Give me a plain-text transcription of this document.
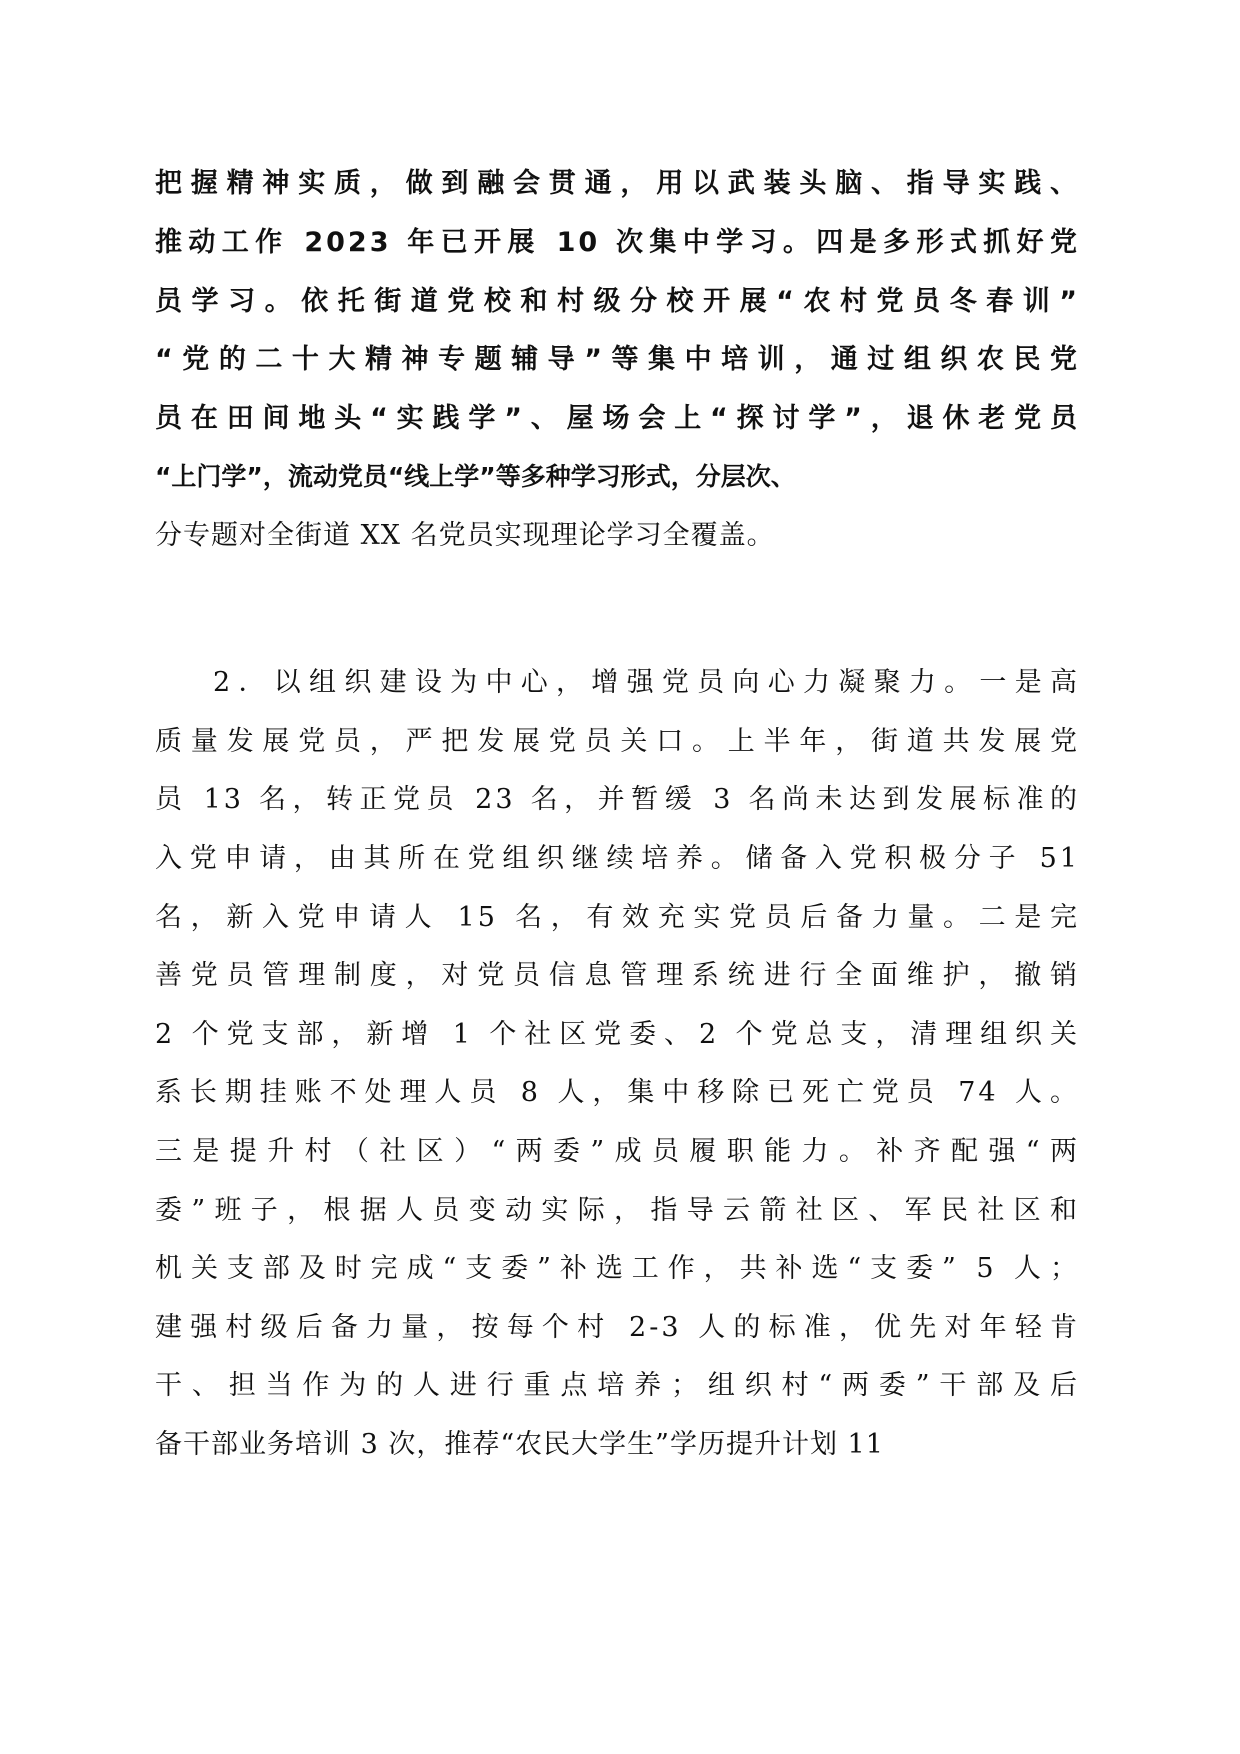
把握精神实质，做到融会贯通，用以武装头脑、指导实践、

推动工作 2023 年已开展 10 次集中学习。四是多形式抓好党

员学习。依托街道党校和村级分校开展“农村党员冬春训”

“党的二十大精神专题辅导”等集中培训，通过组织农民党

员在田间地头“实践学”、屋场会上“探讨学”，退休老党员

“上门学”，流动党员“线上学”等多种学习形式，分层次、

分专题对全街道 XX 名党员实现理论学习全覆盖。

2．以组织建设为中心，增强党员向心力凝聚力。一是高

质量发展党员，严把发展党员关口。上半年，街道共发展党

员 13 名，转正党员 23 名，并暂缓 3 名尚未达到发展标准的

入党申请，由其所在党组织继续培养。储备入党积极分子 51

名，新入党申请人 15 名，有效充实党员后备力量。二是完

善党员管理制度，对党员信息管理系统进行全面维护，撤销

2 个党支部，新增 1 个社区党委、2 个党总支，清理组织关

系长期挂账不处理人员 8 人，集中移除已死亡党员 74 人。

三是提升村（社区）“两委”成员履职能力。补齐配强“两

委”班子，根据人员变动实际，指导云箭社区、军民社区和

机关支部及时完成“支委”补选工作，共补选“支委” 5 人；

建强村级后备力量，按每个村 2-3 人的标准，优先对年轻肯

干、担当作为的人进行重点培养；组织村“两委”干部及后

备干部业务培训 3 次，推荐“农民大学生”学历提升计划 11
